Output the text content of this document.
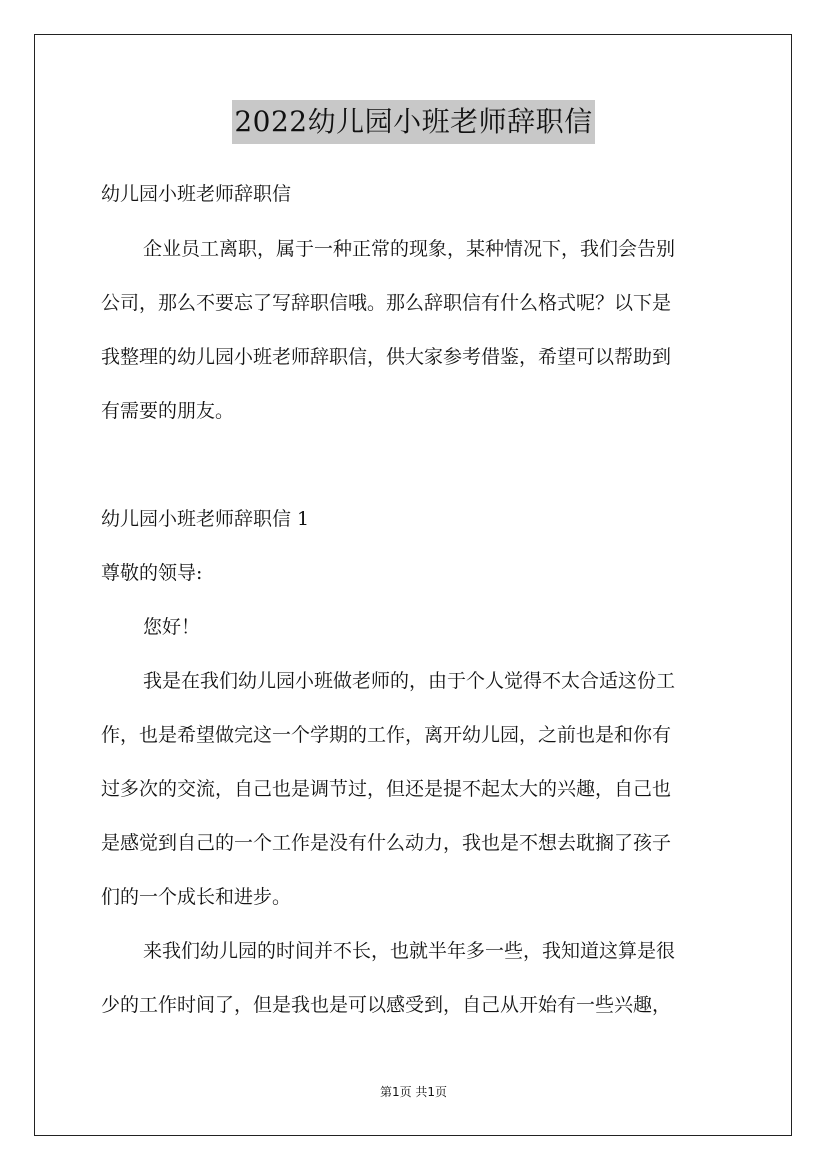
2022幼儿园小班老师辞职信
幼儿园小班老师辞职信
企业员工离职，属于一种正常的现象，某种情况下，我们会告别
公司，那么不要忘了写辞职信哦。那么辞职信有什么格式呢？以下是
我整理的幼儿园小班老师辞职信，供大家参考借鉴，希望可以帮助到
有需要的朋友。
幼儿园小班老师辞职信 1
尊敬的领导:
您好！
我是在我们幼儿园小班做老师的，由于个人觉得不太合适这份工
作，也是希望做完这一个学期的工作，离开幼儿园，之前也是和你有
过多次的交流，自己也是调节过，但还是提不起太大的兴趣，自己也
是感觉到自己的一个工作是没有什么动力，我也是不想去耽搁了孩子
们的一个成长和进步。
来我们幼儿园的时间并不长，也就半年多一些，我知道这算是很
少的工作时间了，但是我也是可以感受到，自己从开始有一些兴趣，
第1页 共1页
